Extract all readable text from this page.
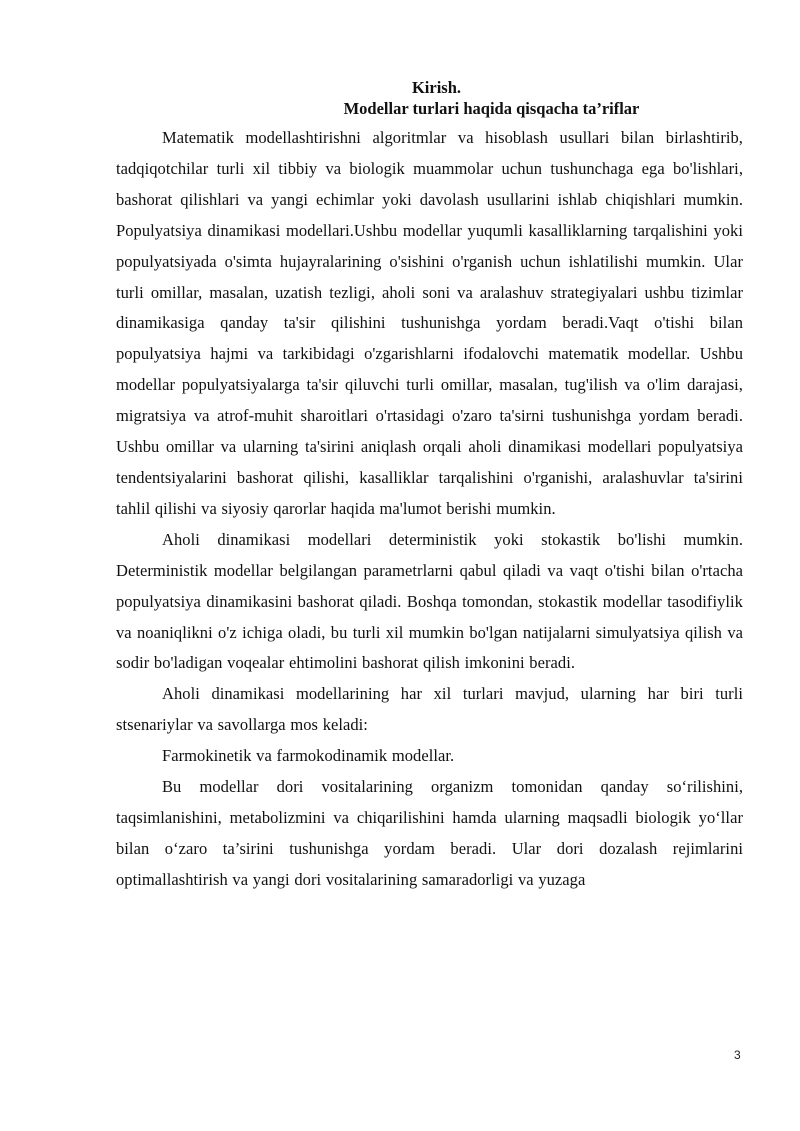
Kirish.

Modellar turlari haqida qisqacha ta’riflar

Matematik modellashtirishni algoritmlar va hisoblash usullari bilan birlashtirib, tadqiqotchilar turli xil tibbiy va biologik muammolar uchun tushunchaga ega bo'lishlari, bashorat qilishlari va yangi echimlar yoki davolash usullarini ishlab chiqishlari mumkin. Populyatsiya dinamikasi modellari.Ushbu modellar yuqumli kasalliklarning tarqalishini yoki populyatsiyada o'simta hujayralarining o'sishini o'rganish uchun ishlatilishi mumkin. Ular turli omillar, masalan, uzatish tezligi, aholi soni va aralashuv strategiyalari ushbu tizimlar dinamikasiga qanday ta'sir qilishini tushunishga yordam beradi.Vaqt o'tishi bilan populyatsiya hajmi va tarkibidagi o'zgarishlarni ifodalovchi matematik modellar. Ushbu modellar populyatsiyalarga ta'sir qiluvchi turli omillar, masalan, tug'ilish va o'lim darajasi, migratsiya va atrof-muhit sharoitlari o'rtasidagi o'zaro ta'sirni tushunishga yordam beradi. Ushbu omillar va ularning ta'sirini aniqlash orqali aholi dinamikasi modellari populyatsiya tendentsiyalarini bashorat qilishi, kasalliklar tarqalishini o'rganishi, aralashuvlar ta'sirini tahlil qilishi va siyosiy qarorlar haqida ma'lumot berishi mumkin.

Aholi dinamikasi modellari deterministik yoki stokastik bo'lishi mumkin. Deterministik modellar belgilangan parametrlarni qabul qiladi va vaqt o'tishi bilan o'rtacha populyatsiya dinamikasini bashorat qiladi. Boshqa tomondan, stokastik modellar tasodifiylik va noaniqlikni o'z ichiga oladi, bu turli xil mumkin bo'lgan natijalarni simulyatsiya qilish va sodir bo'ladigan voqealar ehtimolini bashorat qilish imkonini beradi.

Aholi dinamikasi modellarining har xil turlari mavjud, ularning har biri turli stsenariylar va savollarga mos keladi:

Farmokinetik va farmokodinamik modellar.

Bu modellar dori vositalarining organizm tomonidan qanday so‘rilishini, taqsimlanishini, metabolizmini va chiqarilishini hamda ularning maqsadli biologik yo‘llar bilan o‘zaro ta’sirini tushunishga yordam beradi. Ular dori dozalash rejimlarini optimallashtirish va yangi dori vositalarining samaradorligi va yuzaga

3
